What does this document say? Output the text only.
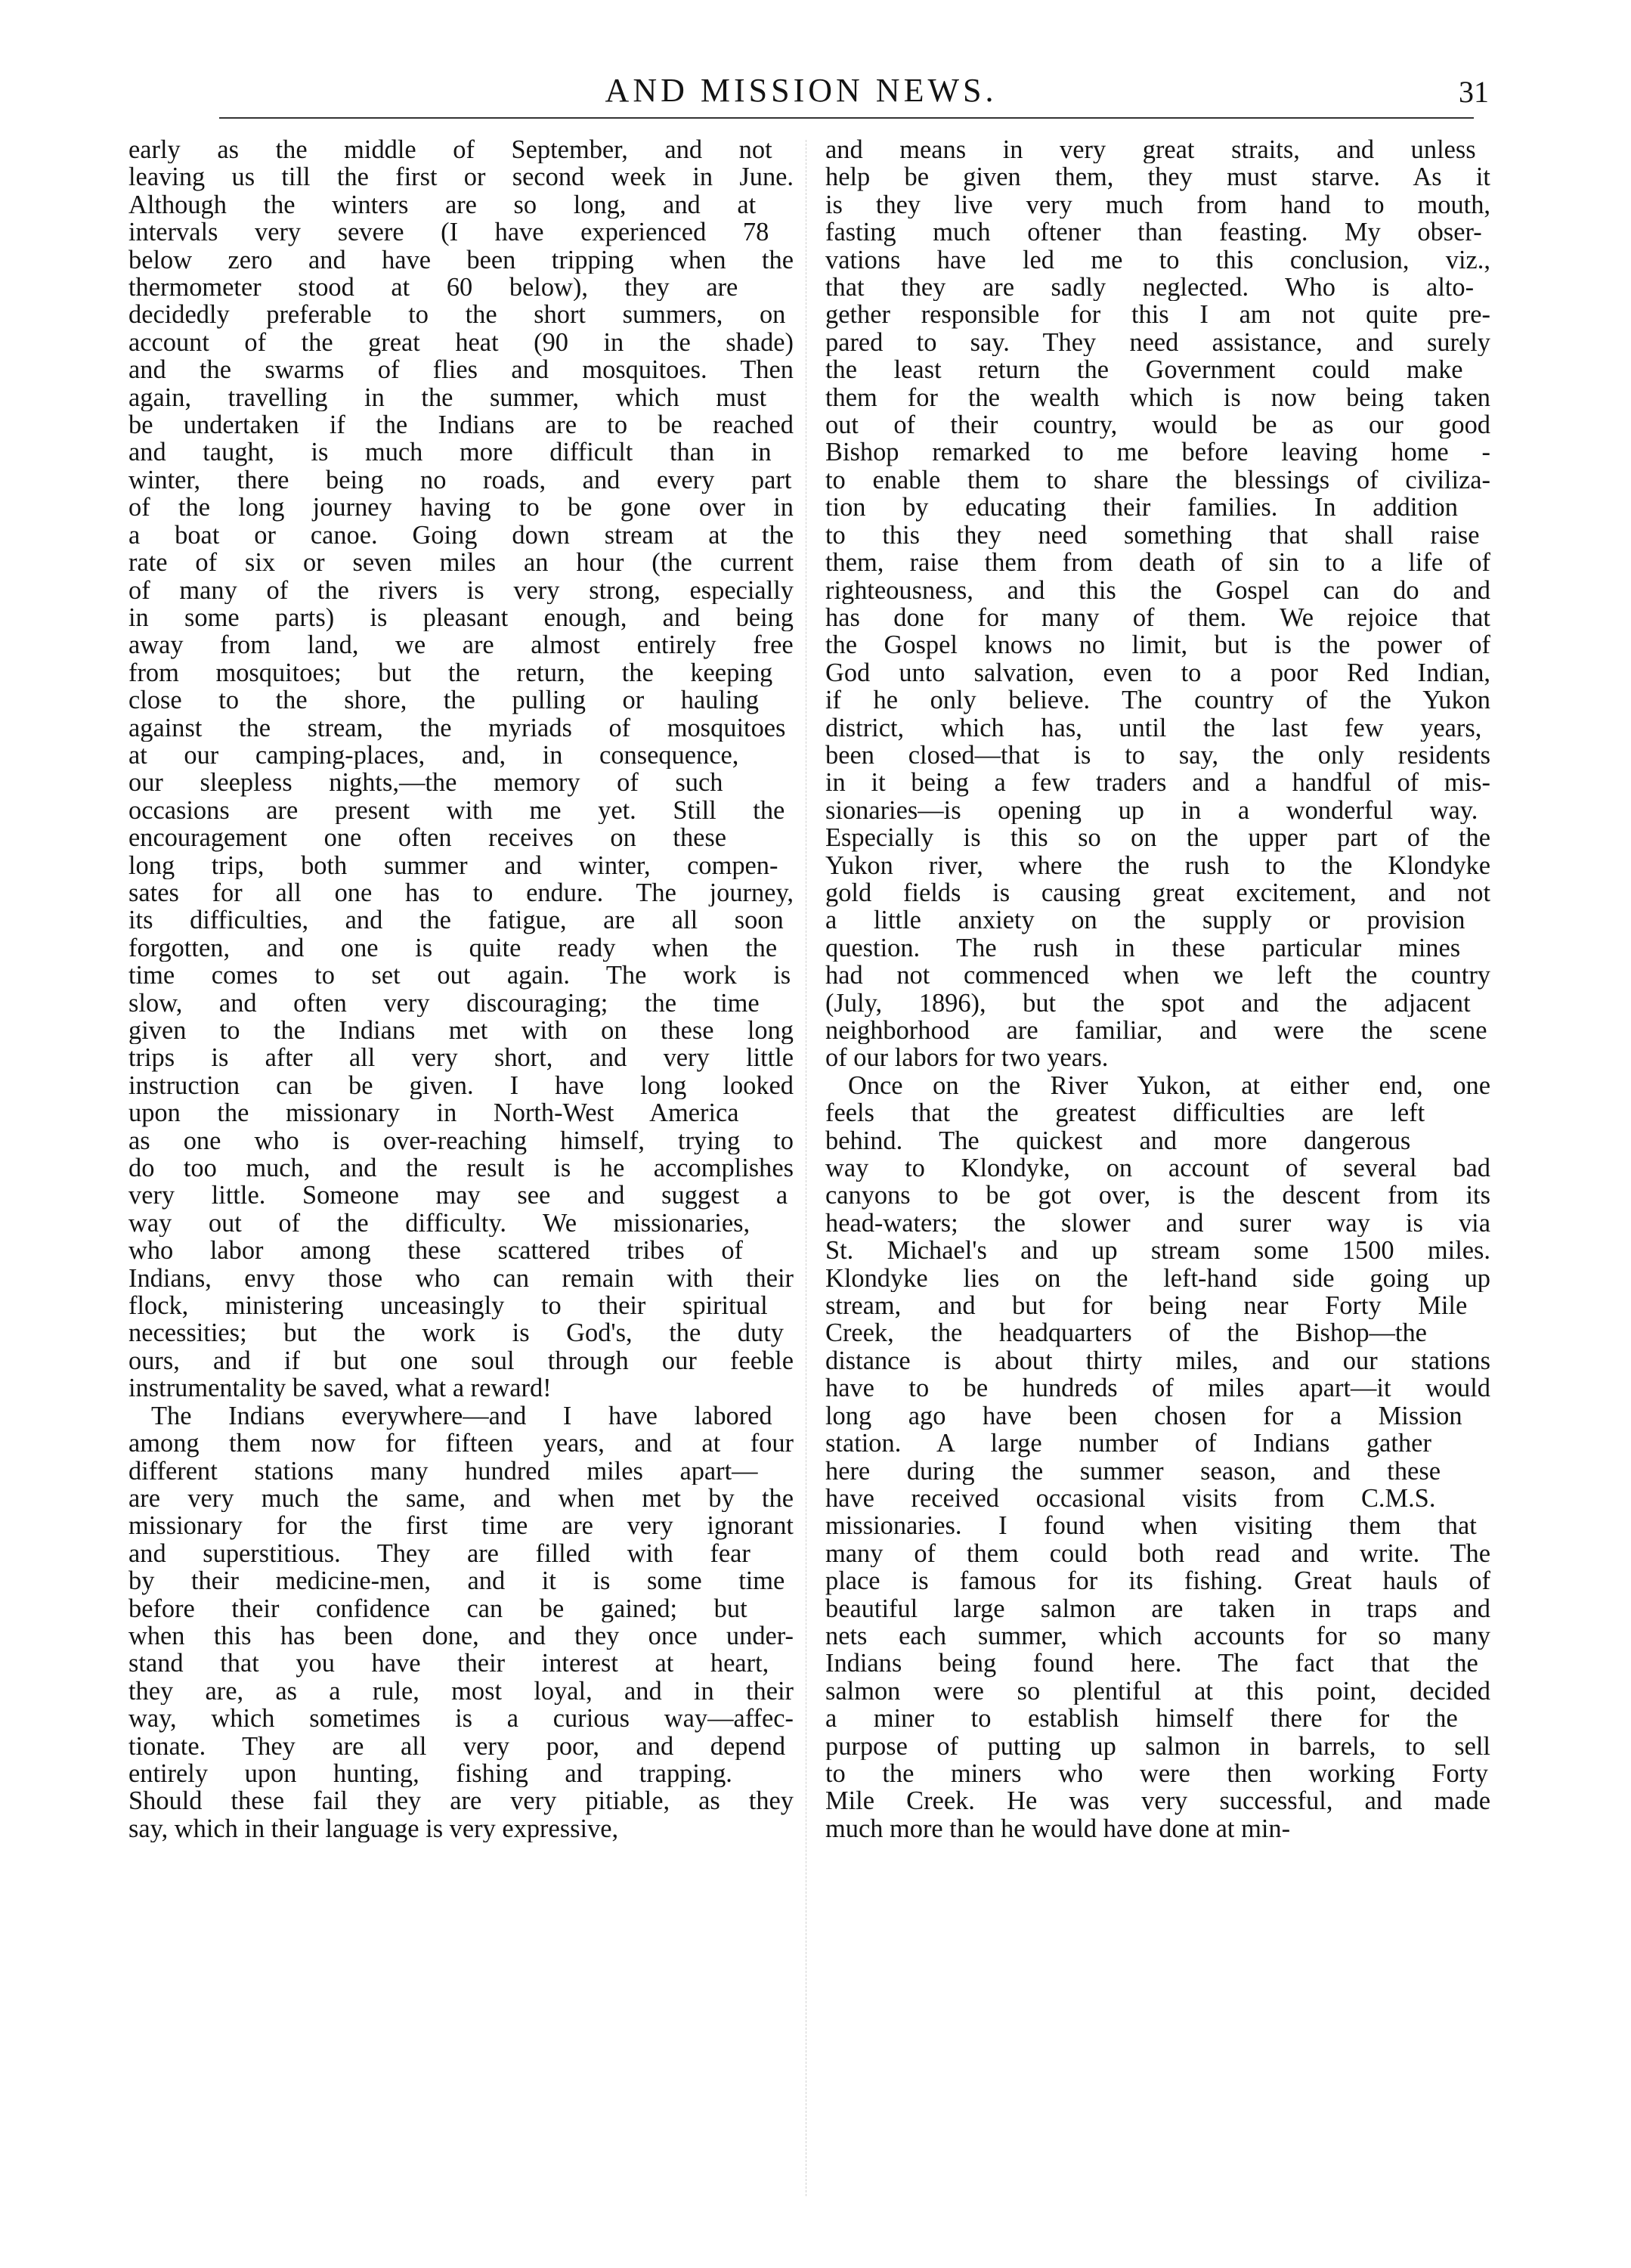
AND MISSION NEWS.	31
early as the middle of September, and not
leaving us till the first or second week in June.
Although the winters are so long, and at
intervals very severe (I have experienced 78
below zero and have been tripping when the
thermometer stood at 60 below), they are
decidedly preferable to the short summers, on
account of the great heat (90 in the shade)
and the swarms of flies and mosquitoes. Then
again, travelling in the summer, which must
be undertaken if the Indians are to be reached
and taught, is much more difficult than in
winter, there being no roads, and every part
of the long journey having to be gone over in
a boat or canoe. Going down stream at the
rate of six or seven miles an hour (the current
of many of the rivers is very strong, especially
in some parts) is pleasant enough, and being
away from land, we are almost entirely free
from mosquitoes; but the return, the keeping
close to the shore, the pulling or hauling
against the stream, the myriads of mosquitoes
at our camping-places, and, in consequence,
our sleepless nights,—the memory of such
occasions are present with me yet. Still the
encouragement one often receives on these
long trips, both summer and winter, compen-
sates for all one has to endure. The journey,
its difficulties, and the fatigue, are all soon
forgotten, and one is quite ready when the
time comes to set out again. The work is
slow, and often very discouraging; the time
given to the Indians met with on these long
trips is after all very short, and very little
instruction can be given. I have long looked
upon the missionary in North-West America
as one who is over-reaching himself, trying to
do too much, and the result is he accomplishes
very little. Someone may see and suggest a
way out of the difficulty. We missionaries,
who labor among these scattered tribes of
Indians, envy those who can remain with their
flock, ministering unceasingly to their spiritual
necessities; but the work is God's, the duty
ours, and if but one soul through our feeble
instrumentality be saved, what a reward!
The Indians everywhere—and I have labored
among them now for fifteen years, and at four
different stations many hundred miles apart—
are very much the same, and when met by the
missionary for the first time are very ignorant
and superstitious. They are filled with fear
by their medicine-men, and it is some time
before their confidence can be gained; but
when this has been done, and they once under-
stand that you have their interest at heart,
they are, as a rule, most loyal, and in their
way, which sometimes is a curious way—affec-
tionate. They are all very poor, and depend
entirely upon hunting, fishing and trapping.
Should these fail they are very pitiable, as they
say, which in their language is very expressive,
and means in very great straits, and unless
help be given them, they must starve. As it
is they live very much from hand to mouth,
fasting much oftener than feasting. My obser-
vations have led me to this conclusion, viz.,
that they are sadly neglected. Who is alto-
gether responsible for this I am not quite pre-
pared to say. They need assistance, and surely
the least return the Government could make
them for the wealth which is now being taken
out of their country, would be as our good
Bishop remarked to me before leaving home -
to enable them to share the blessings of civiliza-
tion by educating their families. In addition
to this they need something that shall raise
them, raise them from death of sin to a life of
righteousness, and this the Gospel can do and
has done for many of them. We rejoice that
the Gospel knows no limit, but is the power of
God unto salvation, even to a poor Red Indian,
if he only believe. The country of the Yukon
district, which has, until the last few years,
been closed—that is to say, the only residents
in it being a few traders and a handful of mis-
sionaries—is opening up in a wonderful way.
Especially is this so on the upper part of the
Yukon river, where the rush to the Klondyke
gold fields is causing great excitement, and not
a little anxiety on the supply or provision
question. The rush in these particular mines
had not commenced when we left the country
(July, 1896), but the spot and the adjacent
neighborhood are familiar, and were the scene
of our labors for two years.
Once on the River Yukon, at either end, one
feels that the greatest difficulties are left
behind. The quickest and more dangerous
way to Klondyke, on account of several bad
canyons to be got over, is the descent from its
head-waters; the slower and surer way is via
St. Michael's and up stream some 1500 miles.
Klondyke lies on the left-hand side going up
stream, and but for being near Forty Mile
Creek, the headquarters of the Bishop—the
distance is about thirty miles, and our stations
have to be hundreds of miles apart—it would
long ago have been chosen for a Mission
station. A large number of Indians gather
here during the summer season, and these
have received occasional visits from C.M.S.
missionaries. I found when visiting them that
many of them could both read and write. The
place is famous for its fishing. Great hauls of
beautiful large salmon are taken in traps and
nets each summer, which accounts for so many
Indians being found here. The fact that the
salmon were so plentiful at this point, decided
a miner to establish himself there for the
purpose of putting up salmon in barrels, to sell
to the miners who were then working Forty
Mile Creek. He was very successful, and made
much more than he would have done at min-
